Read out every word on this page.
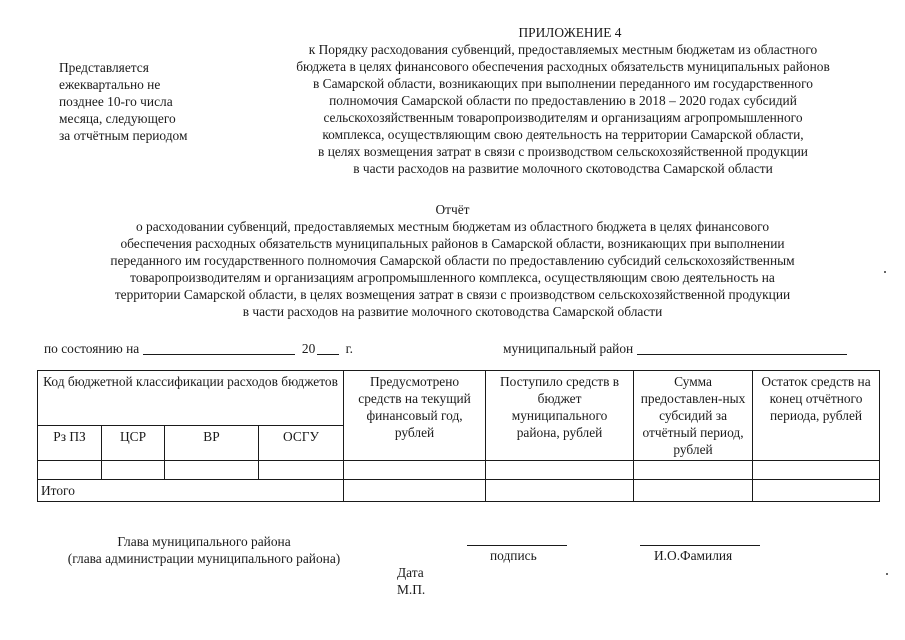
ПРИЛОЖЕНИЕ 4
к Порядку расходования субвенций, предоставляемых местным бюджетам из областного
бюджета в целях финансового обеспечения расходных обязательств муниципальных районов
в Самарской области, возникающих при выполнении переданного им государственного
полномочия Самарской области по предоставлению в 2018 – 2020 годах субсидий
сельскохозяйственным товаропроизводителям и организациям агропромышленного
комплекса, осуществляющим свою деятельность на территории Самарской области,
в целях возмещения затрат в связи с производством сельскохозяйственной продукции
в части расходов на развитие молочного скотоводства Самарской области
Представляется
ежеквартально не
позднее 10-го числа
месяца, следующего
за отчётным периодом
Отчёт
о расходовании субвенций, предоставляемых местным бюджетам из областного бюджета в целях финансового
обеспечения расходных обязательств муниципальных районов в Самарской области, возникающих при выполнении
переданного им государственного полномочия Самарской области по предоставлению субсидий сельскохозяйственным
товаропроизводителям и организациям агропромышленного комплекса, осуществляющим свою деятельность на
территории Самарской области, в целях возмещения затрат в связи с производством сельскохозяйственной продукции
в части расходов на развитие молочного скотоводства Самарской области
по состоянию на	20 г.	муниципальный район
Код бюджетной классификации расходов бюджетов				Предусмотрено средств на текущий финансовый год, рублей	Поступило средств в бюджет муниципального района, рублей	Сумма предоставлен-ных субсидий за отчётный период, рублей	Остаток средств на конец отчётного периода, рублей
Рз ПЗ	ЦСР	ВР	ОСГУ				

Итого							
Глава муниципального района
(глава администрации муниципального района)	подпись	И.О.Фамилия
Дата
М.П.
